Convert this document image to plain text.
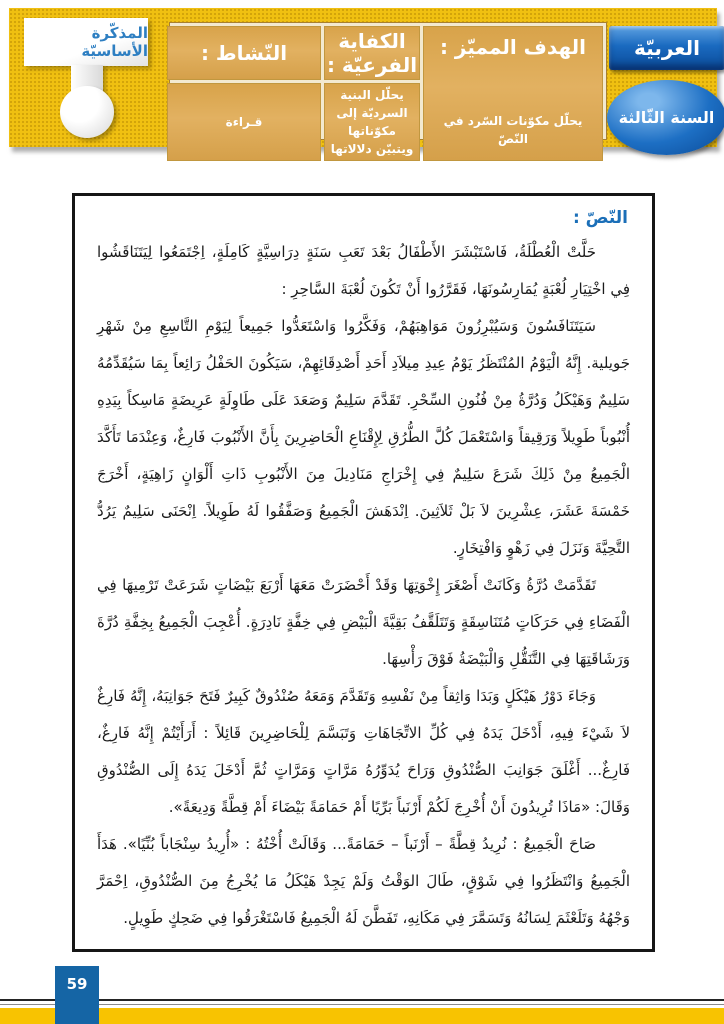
المذكّرة الأساسيّة	الكفاية الفرعيّة :
النّشاط :	الهدف المميّز :
يحلّل مكوّنات السّرد في النّصّ
يحلّل البنية السرديّة إلى مكوّناتها ويتبيّن دلالاتها
قـراءة
العربيّة
السنة الثّالثة
النّصّ :

حَلَّتْ الْعُطْلَةُ، فَاسْتَبْشَرَ الأَطْفَالُ بَعْدَ تَعَبِ سَنَةٍ دِرَاسِيَّةٍ كَامِلَةٍ، اِجْتَمَعُوا لِيَتَنَاقَشُوا فِي اخْتِيَارِ لُعْبَةٍ يُمَارِسُونَهَا، فَقَرَّرُوا أَنْ تَكُونَ لُعْبَةَ السَّاحِرِ :

سَيَتَنَافَسُونَ وَسَيُبْرِزُونَ مَوَاهِبَهُمْ، وَفَكَّرُوا وَاسْتَعَدُّوا جَمِيعاً لِيَوْمِ التَّاسِعِ مِنْ شَهْرِ جَويلية. إِنَّهُ الْيَوْمُ المُنْتَظَرُ يَوْمُ عِيدِ مِيلاَدِ أَحَدِ أَصْدِقَائِهِمْ، سَيَكُونَ الحَفْلُ رَائِعاً بِمَا سَيُقَدِّمُهُ سَلِيمٌ وَهَيْكَلُ وَدُرَّةُ مِنْ فُنُونِ السِّحْرِ. تَقَدَّمَ سَلِيمٌ وَصَعَدَ عَلَى طَاوِلَةٍ عَرِيضَةٍ مَاسِكاً بِيَدِهِ أُنْبُوباً طَوِيلاً وَرَقِيقاً وَاسْتَعْمَلَ كُلَّ الطُّرُقِ لِإِقْنَاعِ الْحَاضِرِينَ بِأَنَّ الأَنْبُوبَ فَارِغٌ، وَعِنْدَمَا تَأَكَّدَ الْجَمِيعُ مِنْ ذَلِكَ شَرَعَ سَلِيمٌ فِي إِخْرَاجِ مَنَادِيلَ مِنَ الأَنْبُوبِ ذَاتِ أَلْوَانٍ زَاهِيَةٍ، أَخْرَجَ خَمْسَةَ عَشَرَ، عِشْرِينَ لاَ بَلْ ثَلاَثِينَ. اِنْدَهَشَ الْجَمِيعُ وَصَفَّقُوا لَهُ طَوِيلاً. اِنْحَنَى سَلِيمٌ يَرُدُّ التَّحِيَّةَ وَنَزَلَ فِي زَهْوٍ وَافْتِخَارٍ.

تَقَدَّمَتْ دُرَّةُ وَكَانَتْ أَصْغَرَ إِخْوَتِهَا وَقَدْ أَحْضَرَتْ مَعَهَا أَرْبَعَ بَيْضَاتٍ شَرَعَتْ تَرْمِيهَا فِي الْفَضَاءِ فِي حَرَكَاتٍ مُتَنَاسِقَةٍ وَتَتَلَقَّفُ بَقِيَّةَ الْبَيْضِ فِي خِفَّةٍ نَادِرَةٍ. أُعْجِبَ الْجَمِيعُ بِخِفَّةِ دُرَّةَ وَرَشَاقَتِهَا فِي التَّنَقُّلِ وَالْبَيْضَةُ فَوْقَ رَأْسِهَا.

وَجَاءَ دَوْرُ هَيْكَلٍ وَبَدَا وَاثِقاً مِنْ نَفْسِهِ وَتَقَدَّمَ وَمَعَهُ صُنْدُوقٌ كَبِيرٌ فَتَحَ جَوَانِبَهُ، إِنَّهُ فَارِغٌ لاَ شَيْءَ فِيهِ، أَدْخَلَ يَدَهُ فِي كُلِّ الاتِّجَاهَاتِ وَتَبَسَّمَ لِلْحَاضِرِينَ قَائِلاً : أَرَأَيْتُمْ إِنَّهُ فَارِغٌ، فَارِغٌ... أَغْلَقَ جَوَانِبَ الصُّنْدُوقِ وَرَاحَ يُدَوِّرُهُ مَرَّاتٍ وَمَرَّاتٍ ثُمَّ أَدْخَلَ يَدَهُ إِلَى الصُّنْدُوقِ وَقَالَ: «مَاذَا تُرِيدُونَ أَنْ أُخْرِجَ لَكُمْ أَرْنَباً بَرِّيًا أَمْ حَمَامَةً بَيْضَاءَ أَمْ قِطَّةً وَدِيعَةً».

صَاحَ الْجَمِيعُ : نُرِيدُ قِطَّةً – أَرْنَباً – حَمَامَةً... وَقَالَتْ أُخْتُهُ : «أُرِيدُ سِنْجَاباً بُنِّيًا». هَدَأَ الْجَمِيعُ وَانْتَظَرُوا فِي شَوْقٍ، طَالَ الوَقْتُ وَلَمْ يَجِدْ هَيْكَلُ مَا يُخْرِجُ مِنَ الصُّنْدُوقِ، اِحْمَرَّ وَجْهُهُ وَتَلَعْثَمَ لِسَانُهُ وَتَسَمَّرَ فِي مَكَانِهِ، تَفَطَّنَ لَهُ الْجَمِيعُ فَاسْتَغْرَقُوا فِي ضَحِكٍ طَوِيلٍ.

59
